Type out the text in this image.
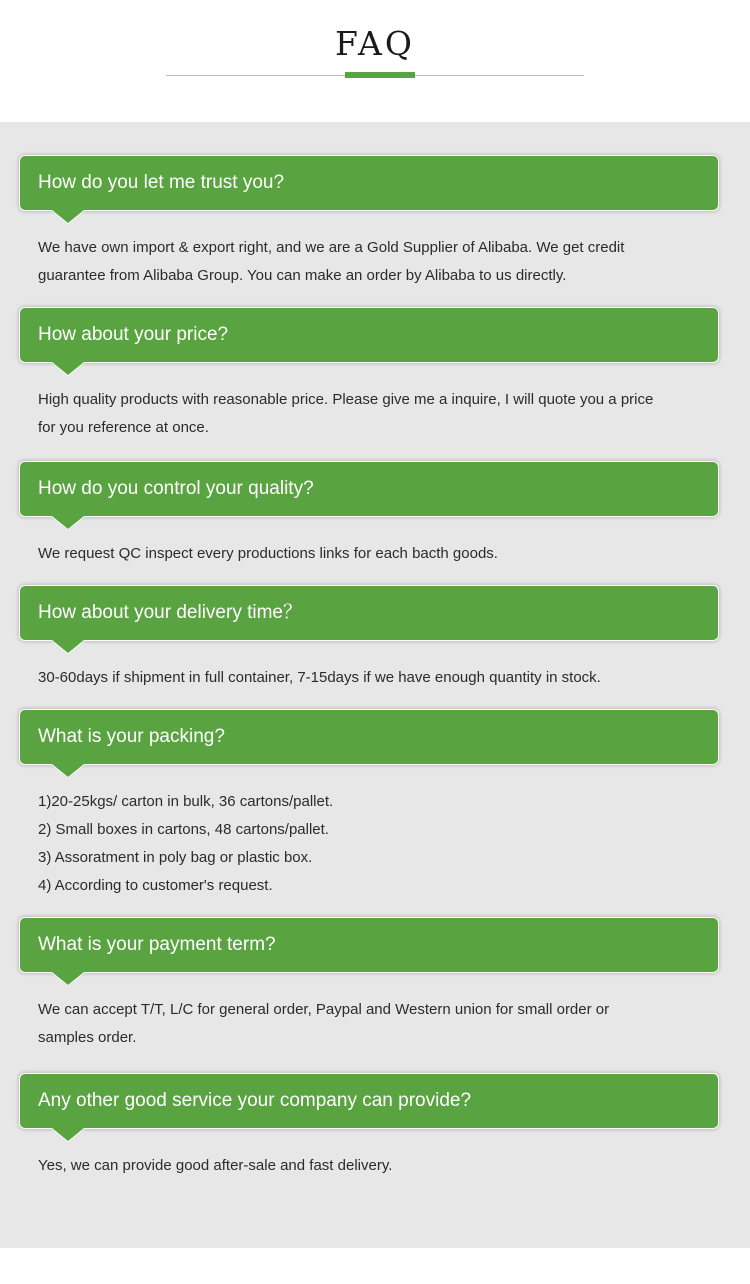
FAQ
How do you let me trust you?

We have own import & export right, and we are a Gold Supplier of Alibaba. We get credit
guarantee from Alibaba Group. You can make an order by Alibaba to us directly.

How about your price?

High quality products with reasonable price. Please give me a inquire, I will quote you a price
for you reference at once.

How do you control your quality?

We request QC inspect every productions links for each bacth goods.

How about your delivery time？

30-60days if shipment in full container, 7-15days if we have enough quantity in stock.

What is your packing?

1)20-25kgs/ carton in bulk, 36 cartons/pallet.
2) Small boxes in cartons, 48 cartons/pallet.
3) Assoratment in poly bag or plastic box.
4) According to customer's request.

What is your payment term?

We can accept T/T, L/C for general order, Paypal and Western union for small order or
samples order.

Any other good service your company can provide?

Yes, we can provide good after-sale and fast delivery.
